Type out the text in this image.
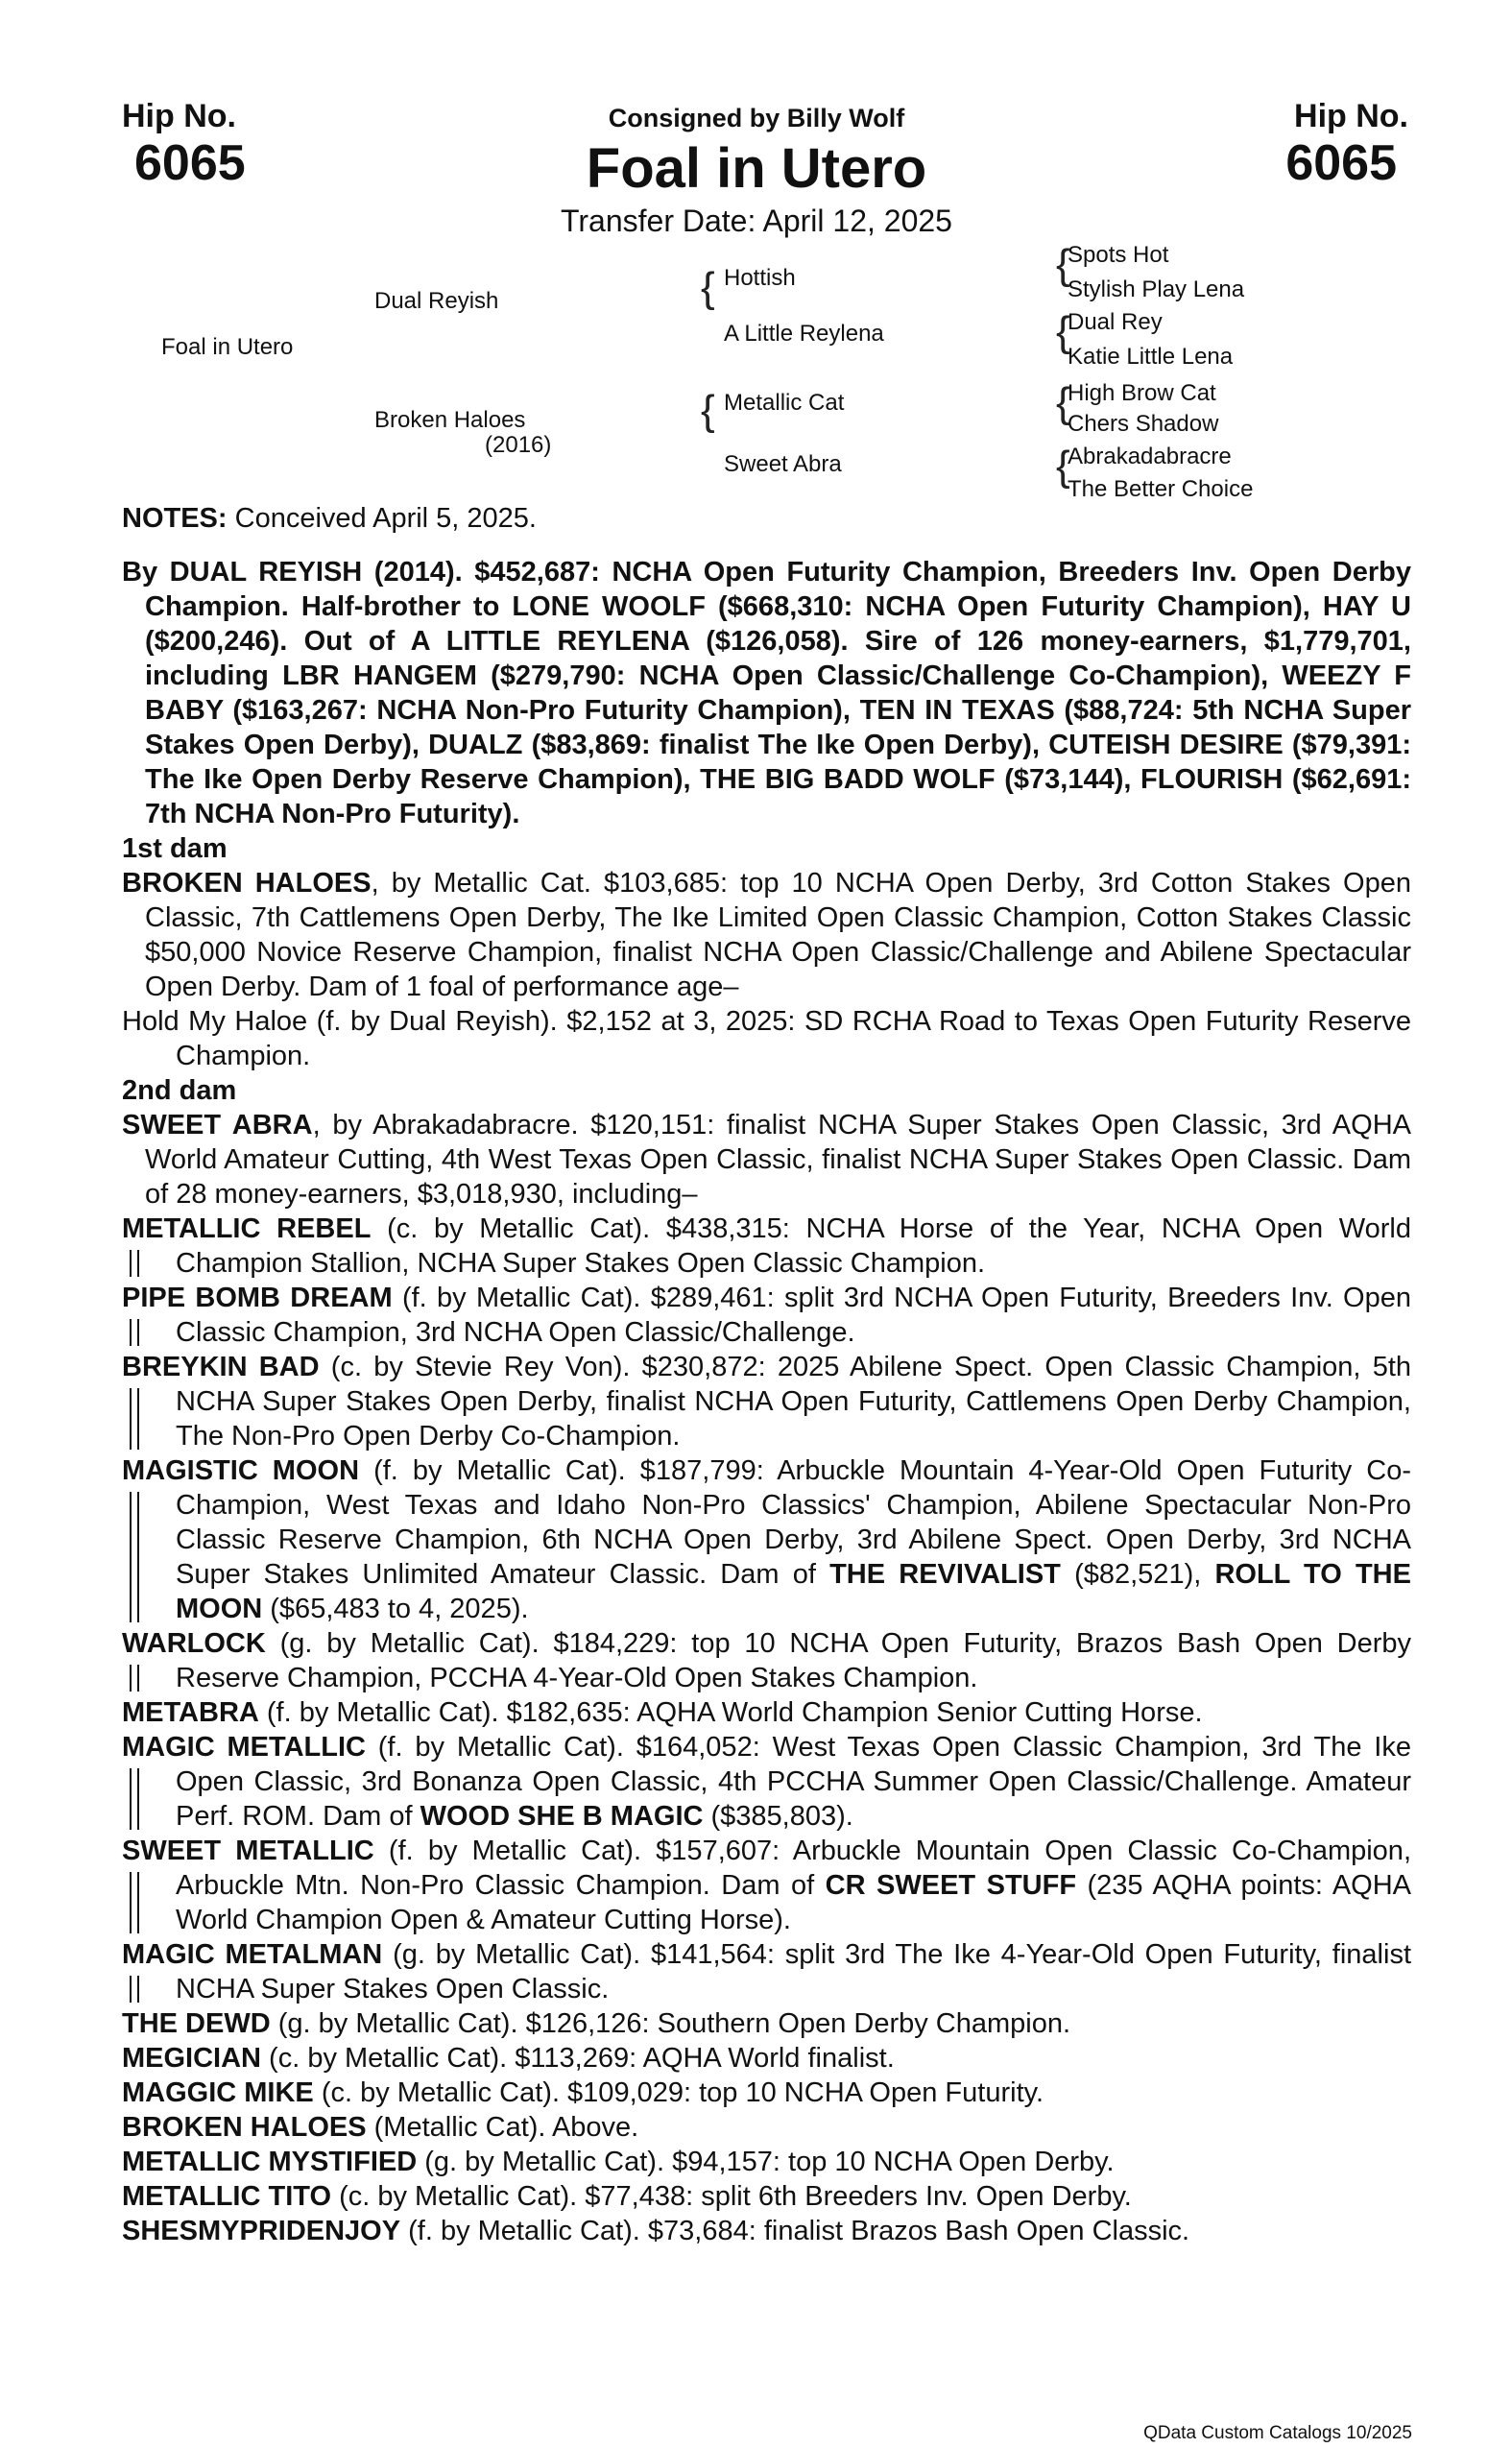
Hip No.
6065
Hip No.
6065
Consigned by Billy Wolf
Foal in Utero
Transfer Date: April 12, 2025
Foal in Utero
Dual Reyish
Broken Haloes
(2016)
{ Hottish
A Little Reylena
{ Metallic Cat
Sweet Abra
{
Spots Hot
Stylish Play Lena
{
Dual Rey
Katie Little Lena
{
High Brow Cat
Chers Shadow
{
Abrakadabracre
The Better Choice
NOTES: Conceived April 5, 2025.

By DUAL REYISH (2014). $452,687: NCHA Open Futurity Champion, Breeders Inv. Open Derby Champion. Half-brother to LONE WOOLF ($668,310: NCHA Open Futurity Champion), HAY U ($200,246). Out of A LITTLE REYLENA ($126,058). Sire of 126 money-earners, $1,779,701, including LBR HANGEM ($279,790: NCHA Open Classic/Challenge Co-Champion), WEEZY F BABY ($163,267: NCHA Non-Pro Futurity Champion), TEN IN TEXAS ($88,724: 5th NCHA Super Stakes Open Derby), DUALZ ($83,869: finalist The Ike Open Derby), CUTEISH DESIRE ($79,391: The Ike Open Derby Reserve Champion), THE BIG BADD WOLF ($73,144), FLOURISH ($62,691: 7th NCHA Non-Pro Futurity).

1st dam

BROKEN HALOES, by Metallic Cat. $103,685: top 10 NCHA Open Derby, 3rd Cotton Stakes Open Classic, 7th Cattlemens Open Derby, The Ike Limited Open Classic Champion, Cotton Stakes Classic $50,000 Novice Reserve Champion, finalist NCHA Open Classic/Challenge and Abilene Spectacular Open Derby. Dam of 1 foal of performance age–

Hold My Haloe (f. by Dual Reyish). $2,152 at 3, 2025: SD RCHA Road to Texas Open Futurity Reserve Champion.

2nd dam

SWEET ABRA, by Abrakadabracre. $120,151: finalist NCHA Super Stakes Open Classic, 3rd AQHA World Amateur Cutting, 4th West Texas Open Classic, finalist NCHA Super Stakes Open Classic. Dam of 28 money-earners, $3,018,930, including–

METALLIC REBEL (c. by Metallic Cat). $438,315: NCHA Horse of the Year, NCHA Open World Champion Stallion, NCHA Super Stakes Open Classic Champion.

PIPE BOMB DREAM (f. by Metallic Cat). $289,461: split 3rd NCHA Open Futurity, Breeders Inv. Open Classic Champion, 3rd NCHA Open Classic/Challenge.

BREYKIN BAD (c. by Stevie Rey Von). $230,872: 2025 Abilene Spect. Open Classic Champion, 5th NCHA Super Stakes Open Derby, finalist NCHA Open Futurity, Cattlemens Open Derby Champion, The Non-Pro Open Derby Co-Champion.

MAGISTIC MOON (f. by Metallic Cat). $187,799: Arbuckle Mountain 4-Year-Old Open Futurity Co-Champion, West Texas and Idaho Non-Pro Classics' Champion, Abilene Spectacular Non-Pro Classic Reserve Champion, 6th NCHA Open Derby, 3rd Abilene Spect. Open Derby, 3rd NCHA Super Stakes Unlimited Amateur Classic. Dam of THE REVIVALIST ($82,521), ROLL TO THE MOON ($65,483 to 4, 2025).

WARLOCK (g. by Metallic Cat). $184,229: top 10 NCHA Open Futurity, Brazos Bash Open Derby Reserve Champion, PCCHA 4-Year-Old Open Stakes Champion.

METABRA (f. by Metallic Cat). $182,635: AQHA World Champion Senior Cutting Horse.

MAGIC METALLIC (f. by Metallic Cat). $164,052: West Texas Open Classic Champion, 3rd The Ike Open Classic, 3rd Bonanza Open Classic, 4th PCCHA Summer Open Classic/Challenge. Amateur Perf. ROM. Dam of WOOD SHE B MAGIC ($385,803).

SWEET METALLIC (f. by Metallic Cat). $157,607: Arbuckle Mountain Open Classic Co-Champion, Arbuckle Mtn. Non-Pro Classic Champion. Dam of CR SWEET STUFF (235 AQHA points: AQHA World Champion Open & Amateur Cutting Horse).

MAGIC METALMAN (g. by Metallic Cat). $141,564: split 3rd The Ike 4-Year-Old Open Futurity, finalist NCHA Super Stakes Open Classic.

THE DEWD (g. by Metallic Cat). $126,126: Southern Open Derby Champion.

MEGICIAN (c. by Metallic Cat). $113,269: AQHA World finalist.

MAGGIC MIKE (c. by Metallic Cat). $109,029: top 10 NCHA Open Futurity.

BROKEN HALOES (Metallic Cat). Above.

METALLIC MYSTIFIED (g. by Metallic Cat). $94,157: top 10 NCHA Open Derby.

METALLIC TITO (c. by Metallic Cat). $77,438: split 6th Breeders Inv. Open Derby.

SHESMYPRIDENJOY (f. by Metallic Cat). $73,684: finalist Brazos Bash Open Classic.

QData Custom Catalogs 10/2025
